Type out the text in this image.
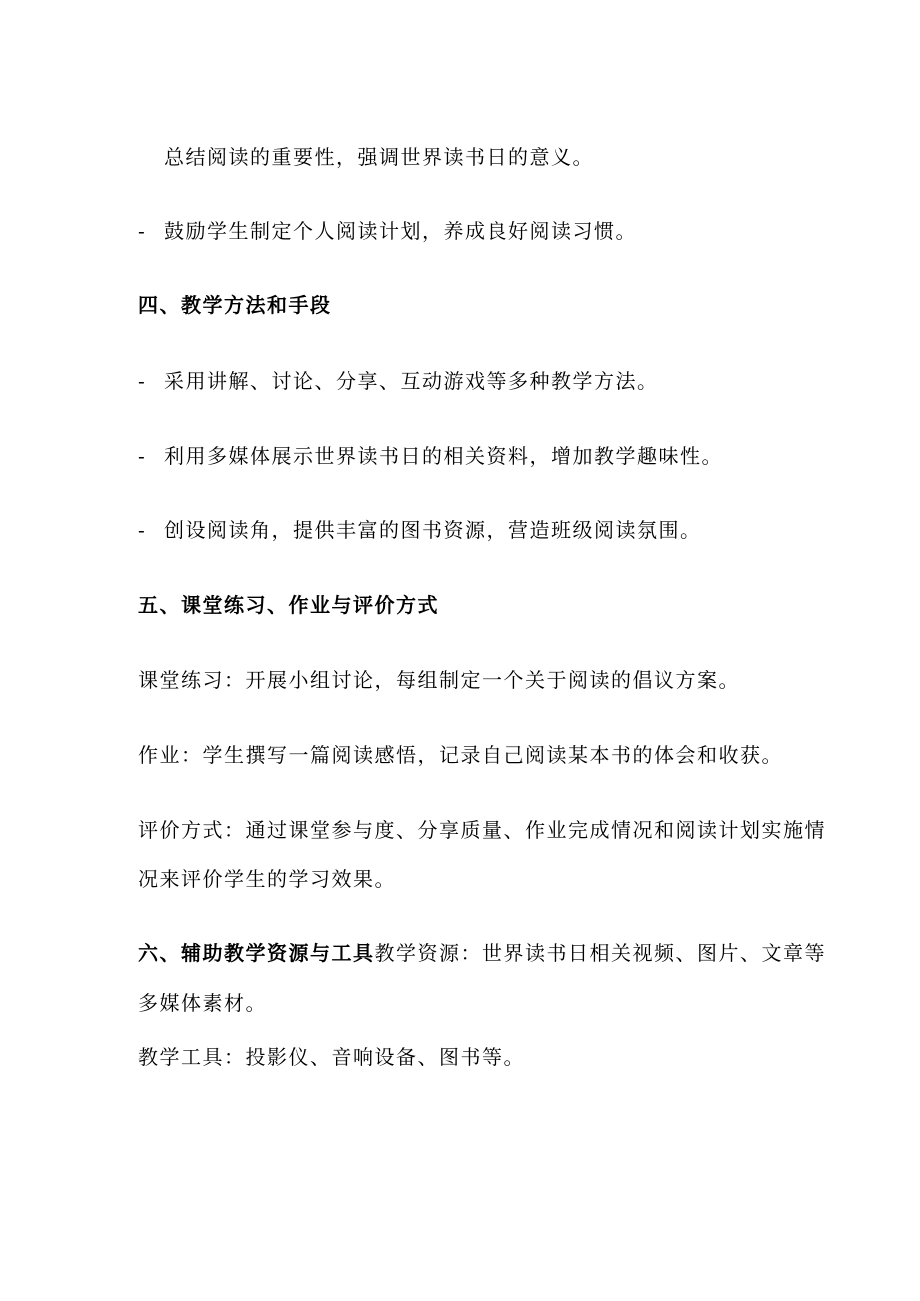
总结阅读的重要性，强调世界读书日的意义。
- 鼓励学生制定个人阅读计划，养成良好阅读习惯。
四、教学方法和手段
- 采用讲解、讨论、分享、互动游戏等多种教学方法。
- 利用多媒体展示世界读书日的相关资料，增加教学趣味性。
- 创设阅读角，提供丰富的图书资源，营造班级阅读氛围。
五、课堂练习、作业与评价方式
课堂练习：开展小组讨论，每组制定一个关于阅读的倡议方案。
作业：学生撰写一篇阅读感悟，记录自己阅读某本书的体会和收获。
评价方式：通过课堂参与度、分享质量、作业完成情况和阅读计划实施情
况来评价学生的学习效果。
六、辅助教学资源与工具教学资源：世界读书日相关视频、图片、文章等
多媒体素材。
教学工具：投影仪、音响设备、图书等。
